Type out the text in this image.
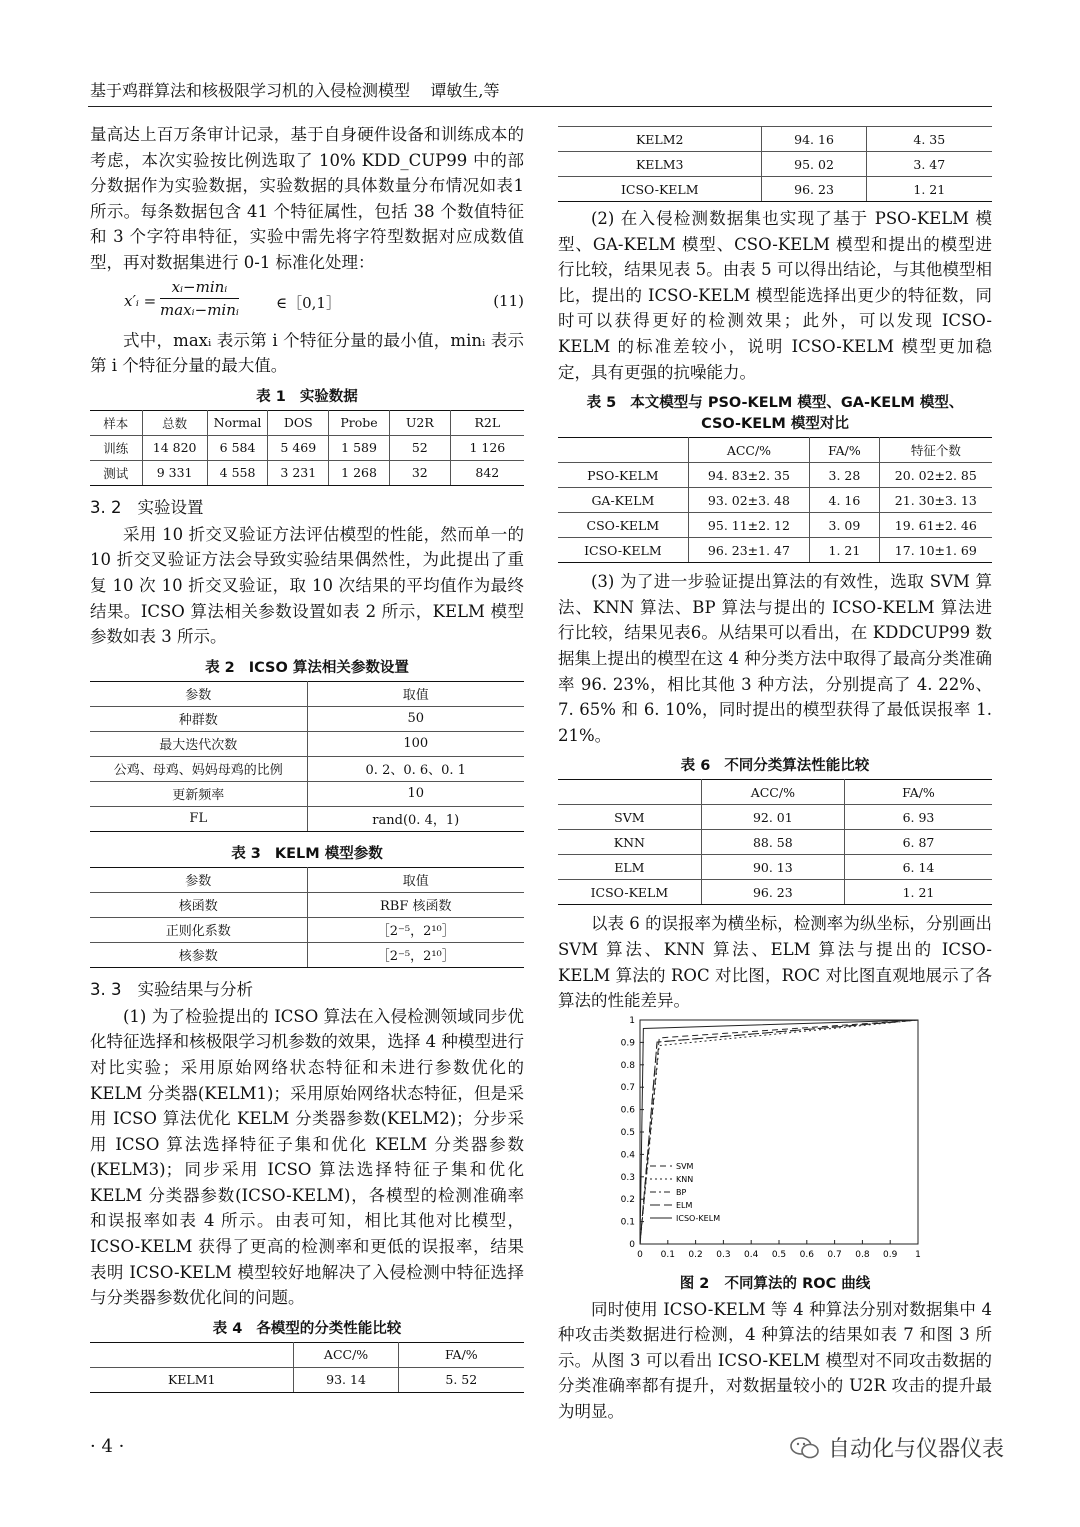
基于鸡群算法和核极限学习机的入侵检测模型 谭敏生,等

量高达上百万条审计记录，基于自身硬件设备和训练成本的考虑，本次实验按比例选取了 10% KDD_CUP99 中的部分数据作为实验数据，实验数据的具体数量分布情况如表1 所示。每条数据包含 41 个特征属性，包括 38 个数值特征和 3 个字符串特征，实验中需先将字符型数据对应成数值型，再对数据集进行 0-1 标准化处理：

x′ᵢ =
xᵢ−minᵢ
maxᵢ−minᵢ ∈［0,1］	(11)

式中，maxᵢ 表示第 i 个特征分量的最小值，minᵢ 表示第 i 个特征分量的最大值。

表 1 实验数据
样本	总数	Normal	DOS	Probe	U2R	R2L
训练	14 820	6 584	5 469	1 589	52	1 126
测试	9 331	4 558	3 231	1 268	32	842
3. 2 实验设置

采用 10 折交叉验证方法评估模型的性能，然而单一的 10 折交叉验证方法会导致实验结果偶然性，为此提出了重复 10 次 10 折交叉验证，取 10 次结果的平均值作为最终结果。ICSO 算法相关参数设置如表 2 所示，KELM 模型参数如表 3 所示。

表 2 ICSO 算法相关参数设置
参数	取值
种群数	50
最大迭代次数	100
公鸡、母鸡、妈妈母鸡的比例	0. 2、0. 6、0. 1
更新频率	10
FL	rand(0. 4，1)
表 3 KELM 模型参数
参数	取值
核函数	RBF 核函数
正则化系数	［2⁻⁵，2¹⁰］
核参数	［2⁻⁵，2¹⁰］
3. 3 实验结果与分析

(1) 为了检验提出的 ICSO 算法在入侵检测领域同步优化特征选择和核极限学习机参数的效果，选择 4 种模型进行对比实验；采用原始网络状态特征和未进行参数优化的 KELM 分类器(KELM1)；采用原始网络状态特征，但是采用 ICSO 算法优化 KELM 分类器参数(KELM2)；分步采用 ICSO 算法选择特征子集和优化 KELM 分类器参数(KELM3)；同步采用 ICSO 算法选择特征子集和优化 KELM 分类器参数(ICSO-KELM)，各模型的检测准确率和误报率如表 4 所示。由表可知，相比其他对比模型，ICSO-KELM 获得了更高的检测率和更低的误报率，结果表明 ICSO-KELM 模型较好地解决了入侵检测中特征选择与分类器参数优化间的问题。

表 4 各模型的分类性能比较
	ACC/%	FA/%
KELM1	93. 14	5. 52
KELM2	94. 16	4. 35
KELM3	95. 02	3. 47
ICSO-KELM	96. 23	1. 21

(2) 在入侵检测数据集也实现了基于 PSO-KELM 模型、GA-KELM 模型、CSO-KELM 模型和提出的模型进行比较，结果见表 5。由表 5 可以得出结论，与其他模型相比，提出的 ICSO-KELM 模型能选择出更少的特征数，同时可以获得更好的检测效果；此外，可以发现 ICSO-KELM 的标准差较小，说明 ICSO-KELM 模型更加稳定，具有更强的抗噪能力。

表 5 本文模型与 PSO-KELM 模型、GA-KELM 模型、
CSO-KELM 模型对比
	ACC/%	FA/%	特征个数
PSO-KELM	94. 83±2. 35	3. 28	20. 02±2. 85
GA-KELM	93. 02±3. 48	4. 16	21. 30±3. 13
CSO-KELM	95. 11±2. 12	3. 09	19. 61±2. 46
ICSO-KELM	96. 23±1. 47	1. 21	17. 10±1. 69

(3) 为了进一步验证提出算法的有效性，选取 SVM 算法、KNN 算法、BP 算法与提出的 ICSO-KELM 算法进行比较，结果见表6。从结果可以看出，在 KDDCUP99 数据集上提出的模型在这 4 种分类方法中取得了最高分类准确率 96. 23%，相比其他 3 种方法，分别提高了 4. 22%、7. 65% 和 6. 10%，同时提出的模型获得了最低误报率 1. 21%。

表 6 不同分类算法性能比较
	ACC/%	FA/%
SVM	92. 01	6. 93
KNN	88. 58	6. 87
ELM	90. 13	6. 14
ICSO-KELM	96. 23	1. 21

以表 6 的误报率为横坐标，检测率为纵坐标，分别画出 SVM 算法、KNN 算法、ELM 算法与提出的 ICSO-KELM 算法的 ROC 对比图，ROC 对比图直观地展示了各算法的性能差异。

0 0.1 0.2 0.3 0.4 0.5 0.6 0.7 0.8 0.9 1
0
0.1
0.2
0.3
0.4
0.5
0.6
0.7
0.8
0.9
1
SVM
KNN
BP
ELM
ICSO-KELM
图 2 不同算法的 ROC 曲线

同时使用 ICSO-KELM 等 4 种算法分别对数据集中 4 种攻击类数据进行检测，4 种算法的结果如表 7 和图 3 所示。从图 3 可以看出 ICSO-KELM 模型对不同攻击数据的分类准确率都有提升，对数据量较小的 U2R 攻击的提升最为明显。

· 4 ·	自动化与仪器仪表
